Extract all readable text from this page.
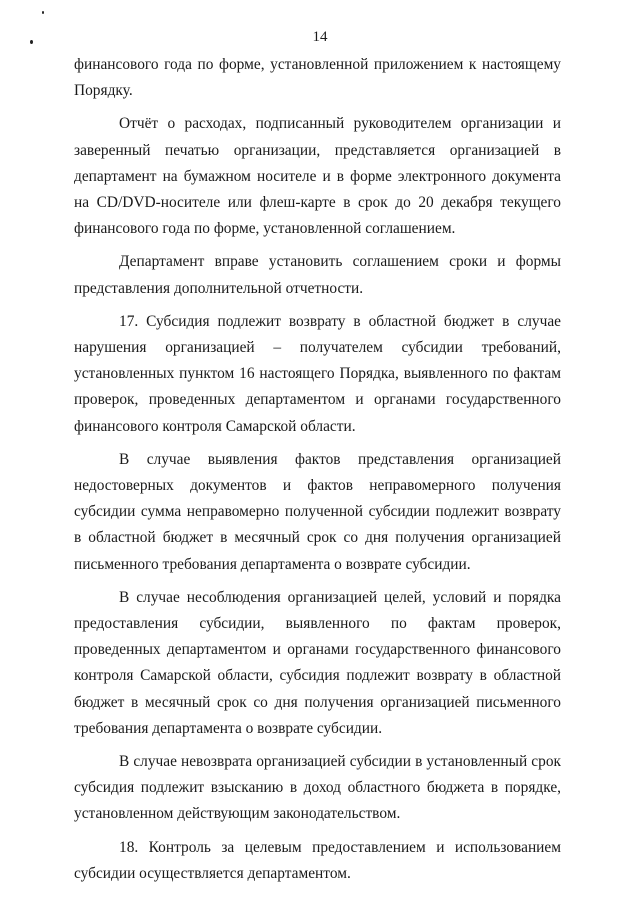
14

финансового года по форме, установленной приложением к настоящему Порядку.

Отчёт о расходах, подписанный руководителем организации и заверенный печатью организации, представляется организацией в департамент на бумажном носителе и в форме электронного документа на CD/DVD-носителе или флеш-карте в срок до 20 декабря текущего финансового года по форме, установленной соглашением.

Департамент вправе установить соглашением сроки и формы представления дополнительной отчетности.

17. Субсидия подлежит возврату в областной бюджет в случае нарушения организацией – получателем субсидии требований, установленных пунктом 16 настоящего Порядка, выявленного по фактам проверок, проведенных департаментом и органами государственного финансового контроля Самарской области.

В случае выявления фактов представления организацией недостоверных документов и фактов неправомерного получения субсидии сумма неправомерно полученной субсидии подлежит возврату в областной бюджет в месячный срок со дня получения организацией письменного требования департамента о возврате субсидии.

В случае несоблюдения организацией целей, условий и порядка предоставления субсидии, выявленного по фактам проверок, проведенных департаментом и органами государственного финансового контроля Самарской области, субсидия подлежит возврату в областной бюджет в месячный срок со дня получения организацией письменного требования департамента о возврате субсидии.

В случае невозврата организацией субсидии в установленный срок субсидия подлежит взысканию в доход областного бюджета в порядке, установленном действующим законодательством.

18. Контроль за целевым предоставлением и использованием субсидии осуществляется департаментом.
